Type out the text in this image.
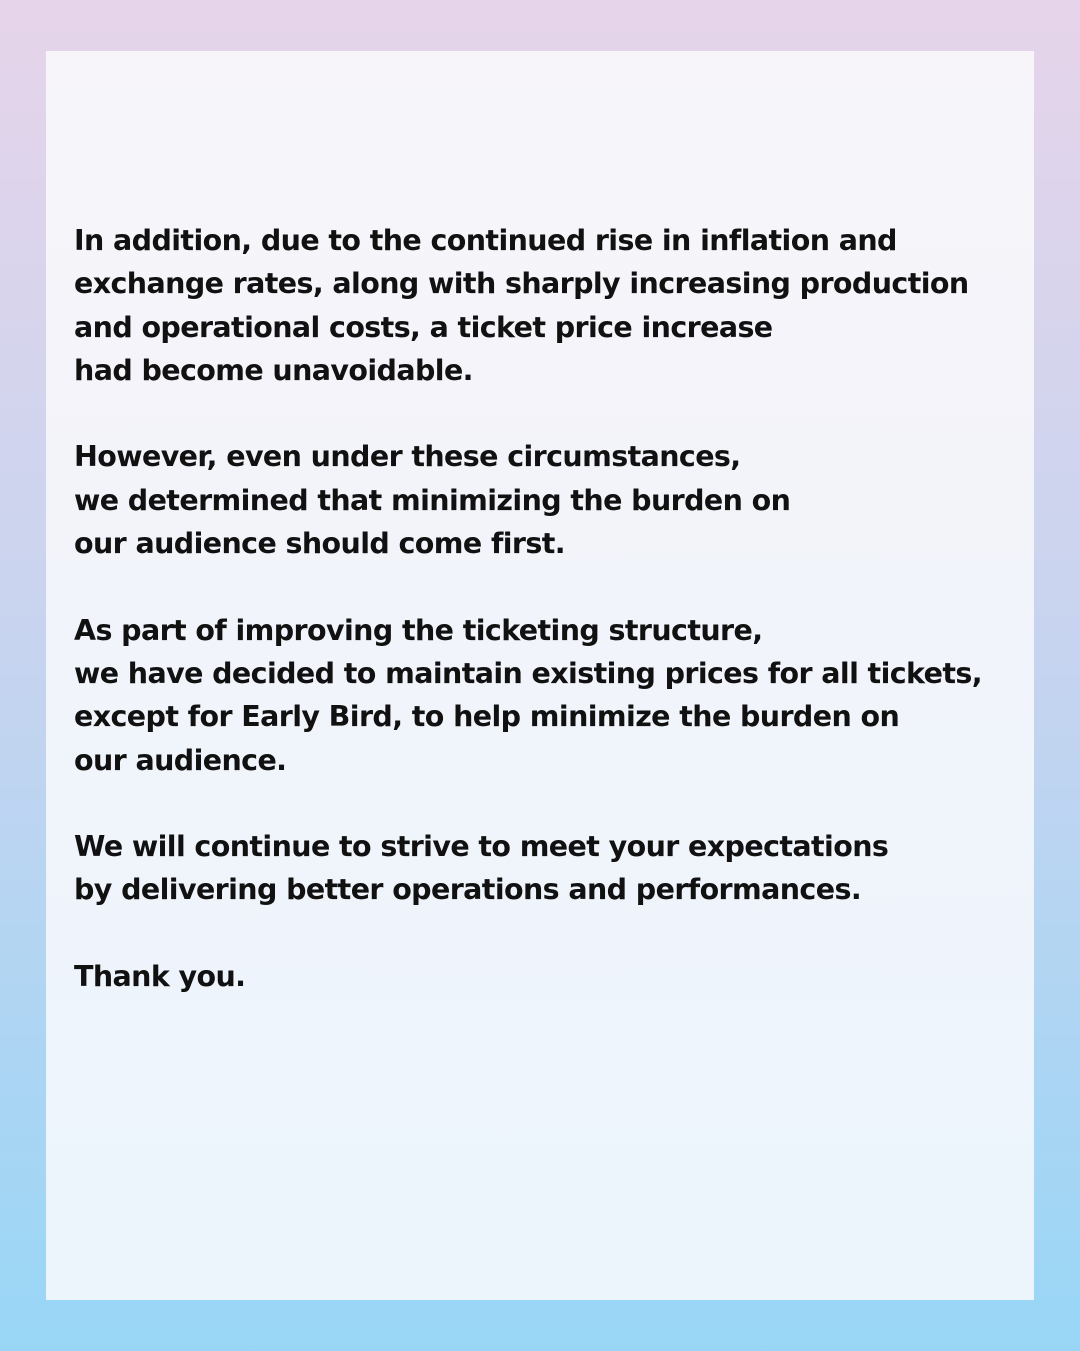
In addition, due to the continued rise in inflation and
exchange rates, along with sharply increasing production
and operational costs, a ticket price increase
had become unavoidable.

However, even under these circumstances,
we determined that minimizing the burden on
our audience should come first.

As part of improving the ticketing structure,
we have decided to maintain existing prices for all tickets,
except for Early Bird, to help minimize the burden on
our audience.

We will continue to strive to meet your expectations
by delivering better operations and performances.

Thank you.
